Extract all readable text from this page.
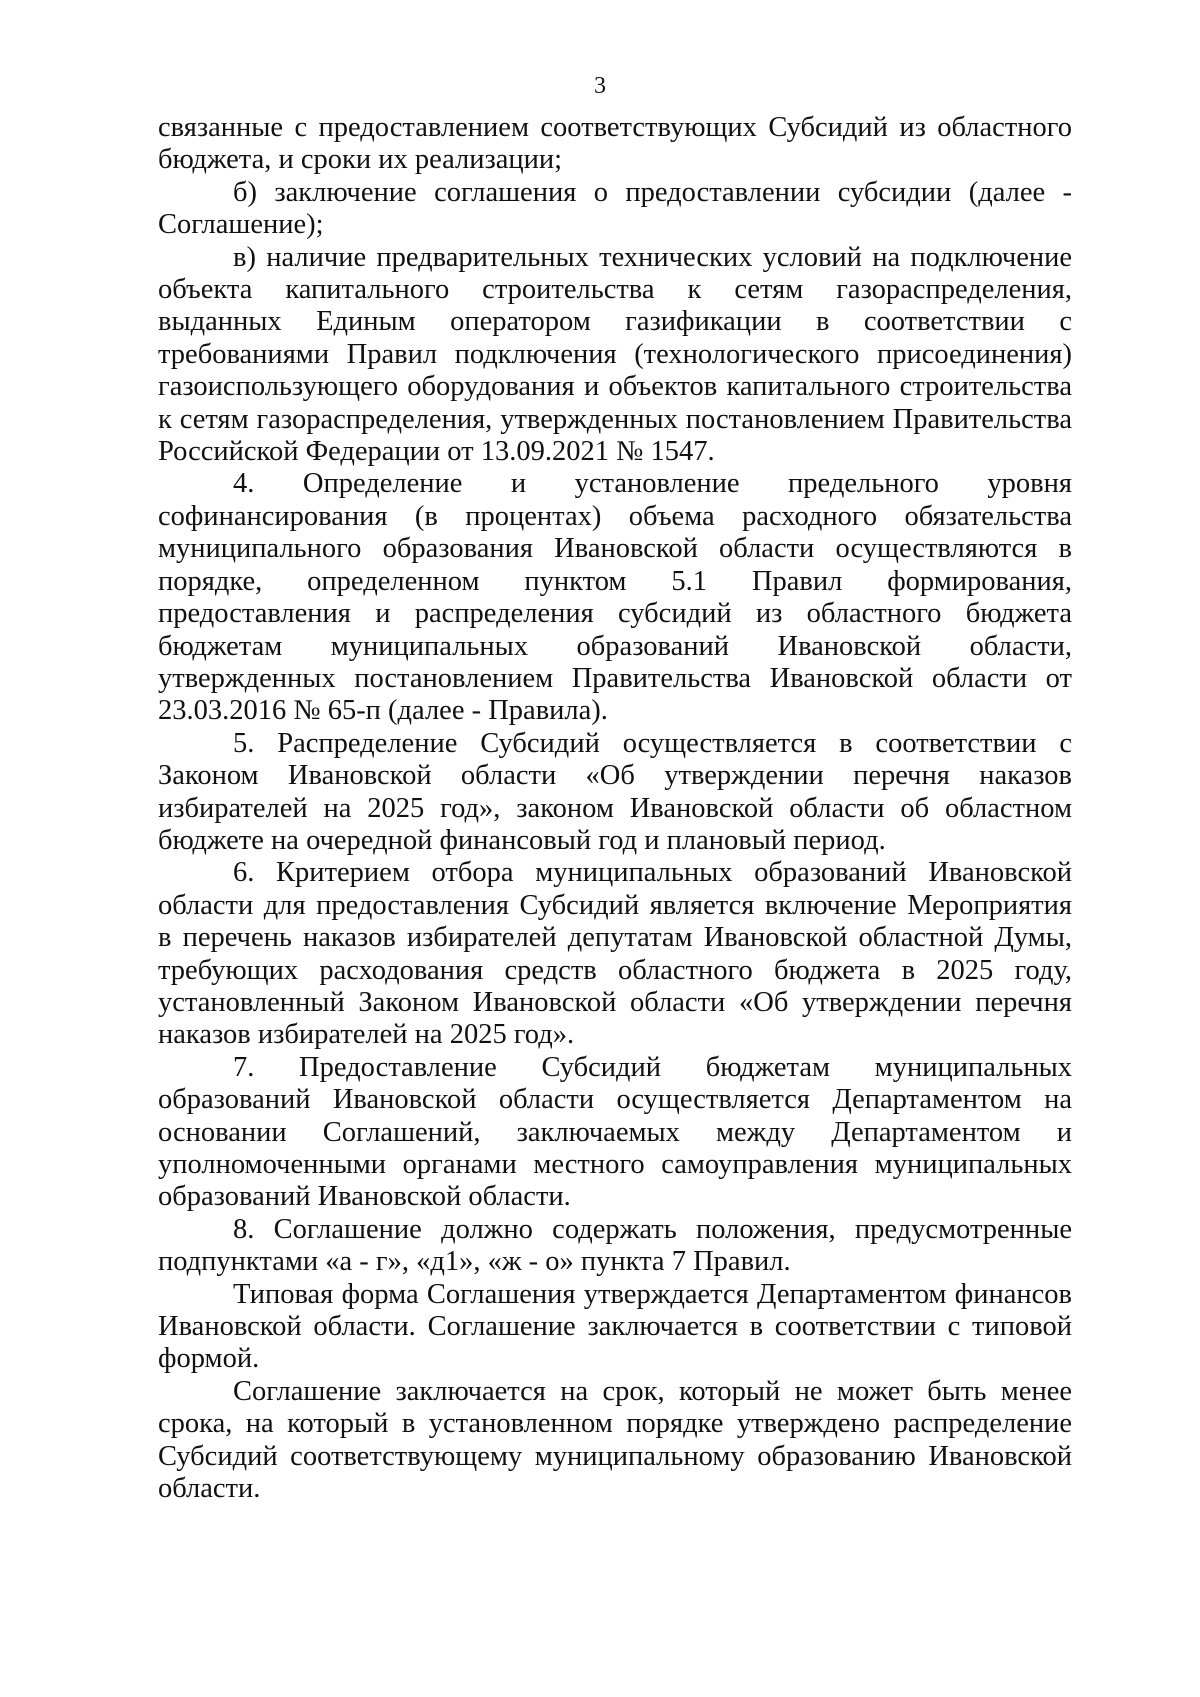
3

связанные с предоставлением соответствующих Субсидий из областного бюджета, и сроки их реализации;

б) заключение соглашения о предоставлении субсидии (далее - Соглашение);

в) наличие предварительных технических условий на подключение объекта капитального строительства к сетям газораспределения, выданных Единым оператором газификации в соответствии с требованиями Правил подключения (технологического присоединения) газоиспользующего оборудования и объектов капитального строительства к сетям газораспределения, утвержденных постановлением Правительства Российской Федерации от 13.09.2021 № 1547.

4. Определение и установление предельного уровня софинансирования (в процентах) объема расходного обязательства муниципального образования Ивановской области осуществляются в порядке, определенном пунктом 5.1 Правил формирования, предоставления и распределения субсидий из областного бюджета бюджетам муниципальных образований Ивановской области, утвержденных постановлением Правительства Ивановской области от 23.03.2016 № 65-п (далее - Правила).

5. Распределение Субсидий осуществляется в соответствии с Законом Ивановской области «Об утверждении перечня наказов избирателей на 2025 год», законом Ивановской области об областном бюджете на очередной финансовый год и плановый период.

6. Критерием отбора муниципальных образований Ивановской области для предоставления Субсидий является включение Мероприятия в перечень наказов избирателей депутатам Ивановской областной Думы, требующих расходования средств областного бюджета в 2025 году, установленный Законом Ивановской области «Об утверждении перечня наказов избирателей на 2025 год».

7. Предоставление Субсидий бюджетам муниципальных образований Ивановской области осуществляется Департаментом на основании Соглашений, заключаемых между Департаментом и уполномоченными органами местного самоуправления муниципальных образований Ивановской области.

8. Соглашение должно содержать положения, предусмотренные подпунктами «а - г», «д1», «ж - о» пункта 7 Правил.

Типовая форма Соглашения утверждается Департаментом финансов Ивановской области. Соглашение заключается в соответствии с типовой формой.

Соглашение заключается на срок, который не может быть менее срока, на который в установленном порядке утверждено распределение Субсидий соответствующему муниципальному образованию Ивановской области.
